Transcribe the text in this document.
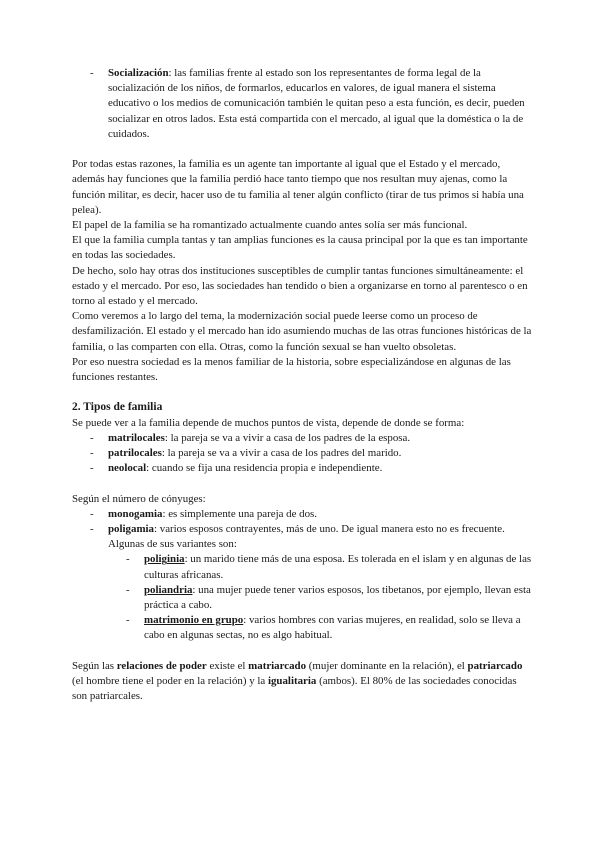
- Socialización: las familias frente al estado son los representantes de forma legal de la socialización de los niños, de formarlos, educarlos en valores, de igual manera el sistema educativo o los medios de comunicación también le quitan peso a esta función, es decir, pueden socializar en otros lados. Esta está compartida con el mercado, al igual que la doméstica o la de cuidados.

Por todas estas razones, la familia es un agente tan importante al igual que el Estado y el mercado, además hay funciones que la familia perdió hace tanto tiempo que nos resultan muy ajenas, como la función militar, es decir, hacer uso de tu familia al tener algún conflicto (tirar de tus primos si había una pelea).

El papel de la familia se ha romantizado actualmente cuando antes solía ser más funcional.

El que la familia cumpla tantas y tan amplias funciones es la causa principal por la que es tan importante en todas las sociedades.

De hecho, solo hay otras dos instituciones susceptibles de cumplir tantas funciones simultáneamente: el estado y el mercado. Por eso, las sociedades han tendido o bien a organizarse en torno al parentesco o en torno al estado y el mercado.

Como veremos a lo largo del tema, la modernización social puede leerse como un proceso de desfamilización. El estado y el mercado han ido asumiendo muchas de las otras funciones históricas de la familia, o las comparten con ella. Otras, como la función sexual se han vuelto obsoletas.

Por eso nuestra sociedad es la menos familiar de la historia, sobre especializándose en algunas de las funciones restantes.

2. Tipos de familia

Se puede ver a la familia depende de muchos puntos de vista, depende de donde se forma:

- matrilocales: la pareja se va a vivir a casa de los padres de la esposa.

- patrilocales: la pareja se va a vivir a casa de los padres del marido.

- neolocal: cuando se fija una residencia propia e independiente.

Según el número de cónyuges:

- monogamia: es simplemente una pareja de dos.

- poligamia: varios esposos contrayentes, más de uno. De igual manera esto no es frecuente. Algunas de sus variantes son:

- poliginia: un marido tiene más de una esposa. Es tolerada en el islam y en algunas de las culturas africanas.

- poliandria: una mujer puede tener varios esposos, los tibetanos, por ejemplo, llevan esta práctica a cabo.

- matrimonio en grupo: varios hombres con varias mujeres, en realidad, solo se lleva a cabo en algunas sectas, no es algo habitual.

Según las relaciones de poder existe el matriarcado (mujer dominante en la relación), el patriarcado (el hombre tiene el poder en la relación) y la igualitaria (ambos). El 80% de las sociedades conocidas son patriarcales.
